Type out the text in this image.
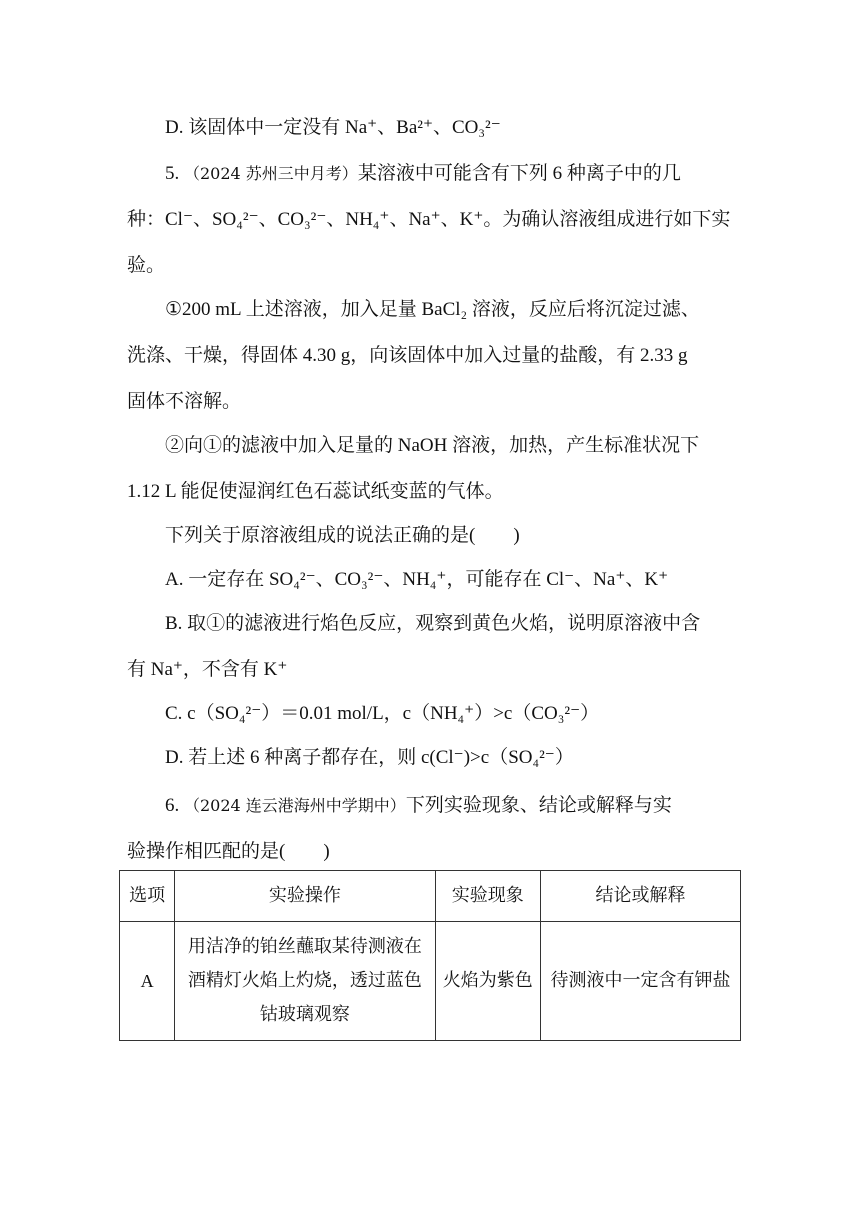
D. 该固体中一定没有 Na⁺、Ba²⁺、CO₃²⁻
5. （2024 苏州三中月考）某溶液中可能含有下列 6 种离子中的几
种：Cl⁻、SO₄²⁻、CO₃²⁻、NH₄⁺、Na⁺、K⁺。为确认溶液组成进行如下实
验。
①200 mL 上述溶液，加入足量 BaCl₂ 溶液，反应后将沉淀过滤、
洗涤、干燥，得固体 4.30 g，向该固体中加入过量的盐酸，有 2.33 g
固体不溶解。
②向①的滤液中加入足量的 NaOH 溶液，加热，产生标准状况下
1.12 L 能促使湿润红色石蕊试纸变蓝的气体。
下列关于原溶液组成的说法正确的是(　　)
A. 一定存在 SO₄²⁻、CO₃²⁻、NH₄⁺，可能存在 Cl⁻、Na⁺、K⁺
B. 取①的滤液进行焰色反应，观察到黄色火焰，说明原溶液中含
有 Na⁺，不含有 K⁺
C. c（SO₄²⁻）＝0.01 mol/L，c（NH₄⁺）>c（CO₃²⁻）
D. 若上述 6 种离子都存在，则 c(Cl⁻)>c（SO₄²⁻）
6. （2024 连云港海州中学期中）下列实验现象、结论或解释与实
验操作相匹配的是(　　)
选项	实验操作	实验现象	结论或解释
A	用洁净的铂丝蘸取某待测液在酒精灯火焰上灼烧，透过蓝色钴玻璃观察	火焰为紫色	待测液中一定含有钾盐
